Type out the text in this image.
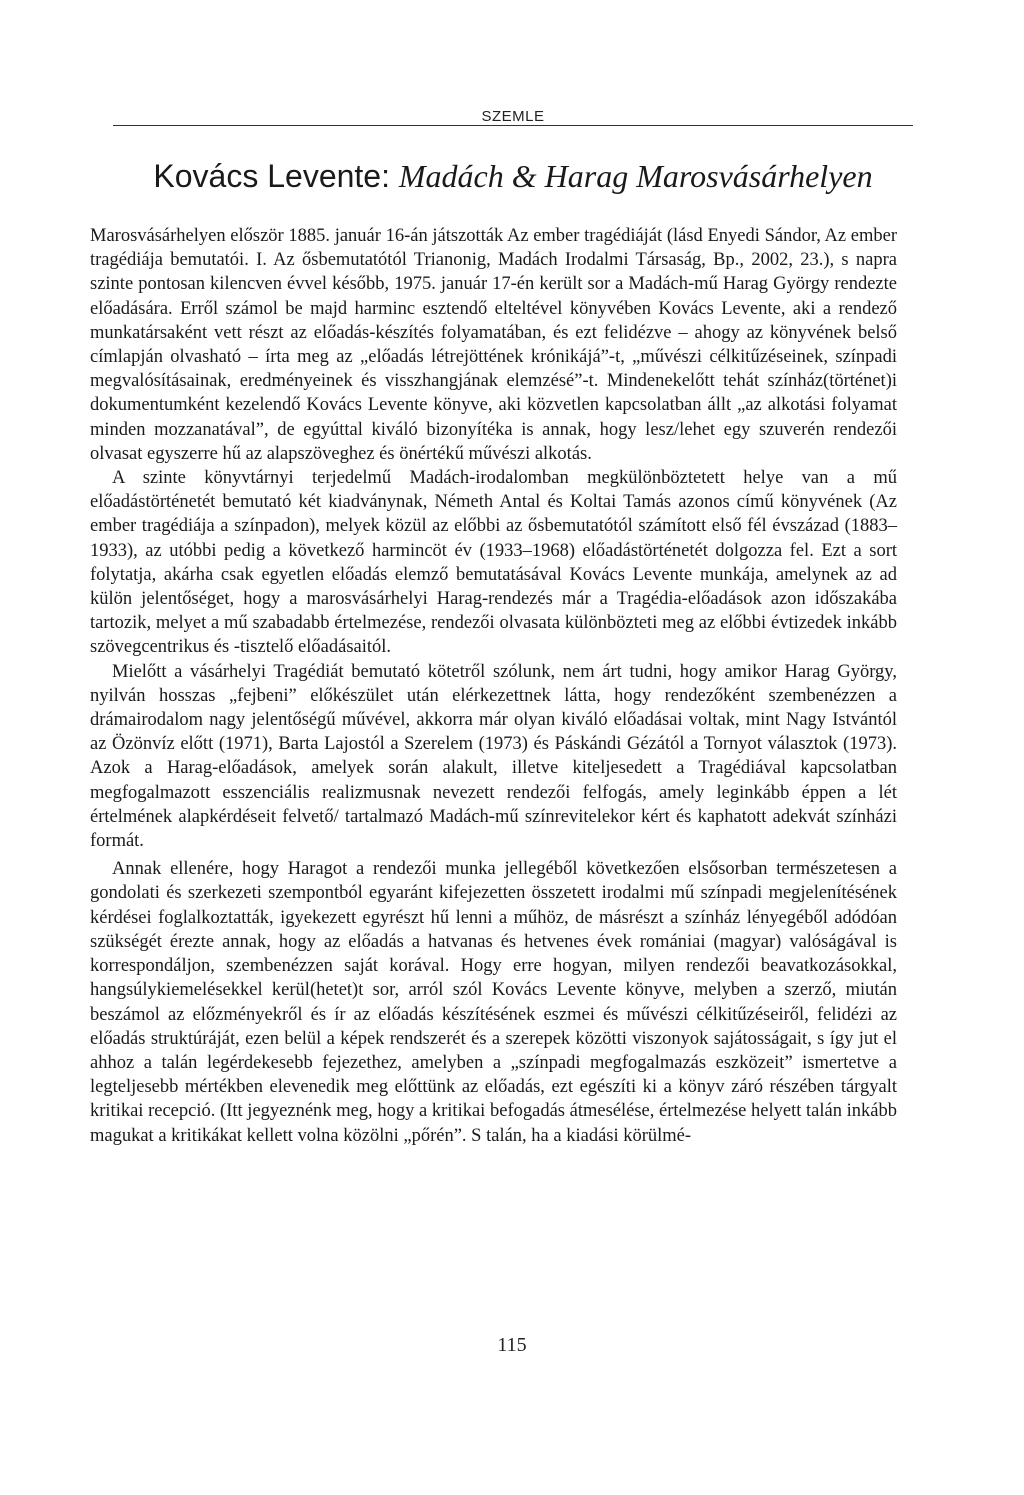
SZEMLE
Kovács Levente: Madách & Harag Marosvásárhelyen

Marosvásárhelyen először 1885. január 16-án játszották Az ember tragédiáját (lásd Enyedi Sándor, Az ember tragédiája bemutatói. I. Az ősbemutatótól Trianonig, Madách Irodalmi Társaság, Bp., 2002, 23.), s napra szinte pontosan kilencven évvel később, 1975. január 17-én került sor a Madách-mű Harag György rendezte előadására. Erről számol be majd harminc esztendő elteltével könyvében Kovács Levente, aki a rendező munkatársaként vett részt az előadás-készítés folyamatában, és ezt felidézve – ahogy az könyvének belső címlapján olvasható – írta meg az „előadás létrejöttének krónikájá”-t, „művészi célkitűzéseinek, színpadi megvalósításainak, eredményeinek és visszhangjának elemzésé”-t. Mindenekelőtt tehát színház(történet)i dokumentumként kezelendő Kovács Levente könyve, aki közvetlen kapcsolatban állt „az alkotási folyamat minden mozzanatával”, de egyúttal kiváló bizonyítéka is annak, hogy lesz/lehet egy szuverén rendezői olvasat egyszerre hű az alapszöveghez és önértékű művészi alkotás.

A szinte könyvtárnyi terjedelmű Madách-irodalomban megkülönböztetett helye van a mű előadástörténetét bemutató két kiadványnak, Németh Antal és Koltai Tamás azonos című könyvének (Az ember tragédiája a színpadon), melyek közül az előbbi az ősbemutatótól számított első fél évszázad (1883–1933), az utóbbi pedig a következő harmincöt év (1933–1968) előadástörténetét dolgozza fel. Ezt a sort folytatja, akárha csak egyetlen előadás elemző bemutatásával Kovács Levente munkája, amelynek az ad külön jelentőséget, hogy a marosvásárhelyi Harag-rendezés már a Tragédia-előadások azon időszakába tartozik, melyet a mű szabadabb értelmezése, rendezői olvasata különbözteti meg az előbbi évtizedek inkább szövegcentrikus és -tisztelő előadásaitól.

Mielőtt a vásárhelyi Tragédiát bemutató kötetről szólunk, nem árt tudni, hogy amikor Harag György, nyilván hosszas „fejbeni” előkészület után elérkezettnek látta, hogy rendezőként szembenézzen a drámairodalom nagy jelentőségű művével, akkorra már olyan kiváló előadásai voltak, mint Nagy Istvántól az Özönvíz előtt (1971), Barta Lajostól a Szerelem (1973) és Páskándi Gézától a Tornyot választok (1973). Azok a Harag-előadások, amelyek során alakult, illetve kiteljesedett a Tragédiával kapcsolatban megfogalmazott esszenciális realizmusnak nevezett rendezői felfogás, amely leginkább éppen a lét értelmének alapkérdéseit felvető/ tartalmazó Madách-mű színrevitelekor kért és kaphatott adekvát színházi formát.

Annak ellenére, hogy Haragot a rendezői munka jellegéből következően elsősorban természetesen a gondolati és szerkezeti szempontból egyaránt kifejezetten összetett irodalmi mű színpadi megjelenítésének kérdései foglalkoztatták, igyekezett egyrészt hű lenni a műhöz, de másrészt a színház lényegéből adódóan szükségét érezte annak, hogy az előadás a hatvanas és hetvenes évek romániai (magyar) valóságával is korrespondáljon, szembenézzen saját korával. Hogy erre hogyan, milyen rendezői beavatkozásokkal, hangsúlykiemelésekkel kerül(hetet)t sor, arról szól Kovács Levente könyve, melyben a szerző, miután beszámol az előzményekről és ír az előadás készítésének eszmei és művészi célkitűzéseiről, felidézi az előadás struktúráját, ezen belül a képek rendszerét és a szerepek közötti viszonyok sajátosságait, s így jut el ahhoz a talán legérdekesebb fejezethez, amelyben a „színpadi megfogalmazás eszközeit” ismertetve a legteljesebb mértékben elevenedik meg előttünk az előadás, ezt egészíti ki a könyv záró részében tárgyalt kritikai recepció. (Itt jegyeznénk meg, hogy a kritikai befogadás átmesélése, értelmezése helyett talán inkább magukat a kritikákat kellett volna közölni „pőrén”. S talán, ha a kiadási körülmé-

115
